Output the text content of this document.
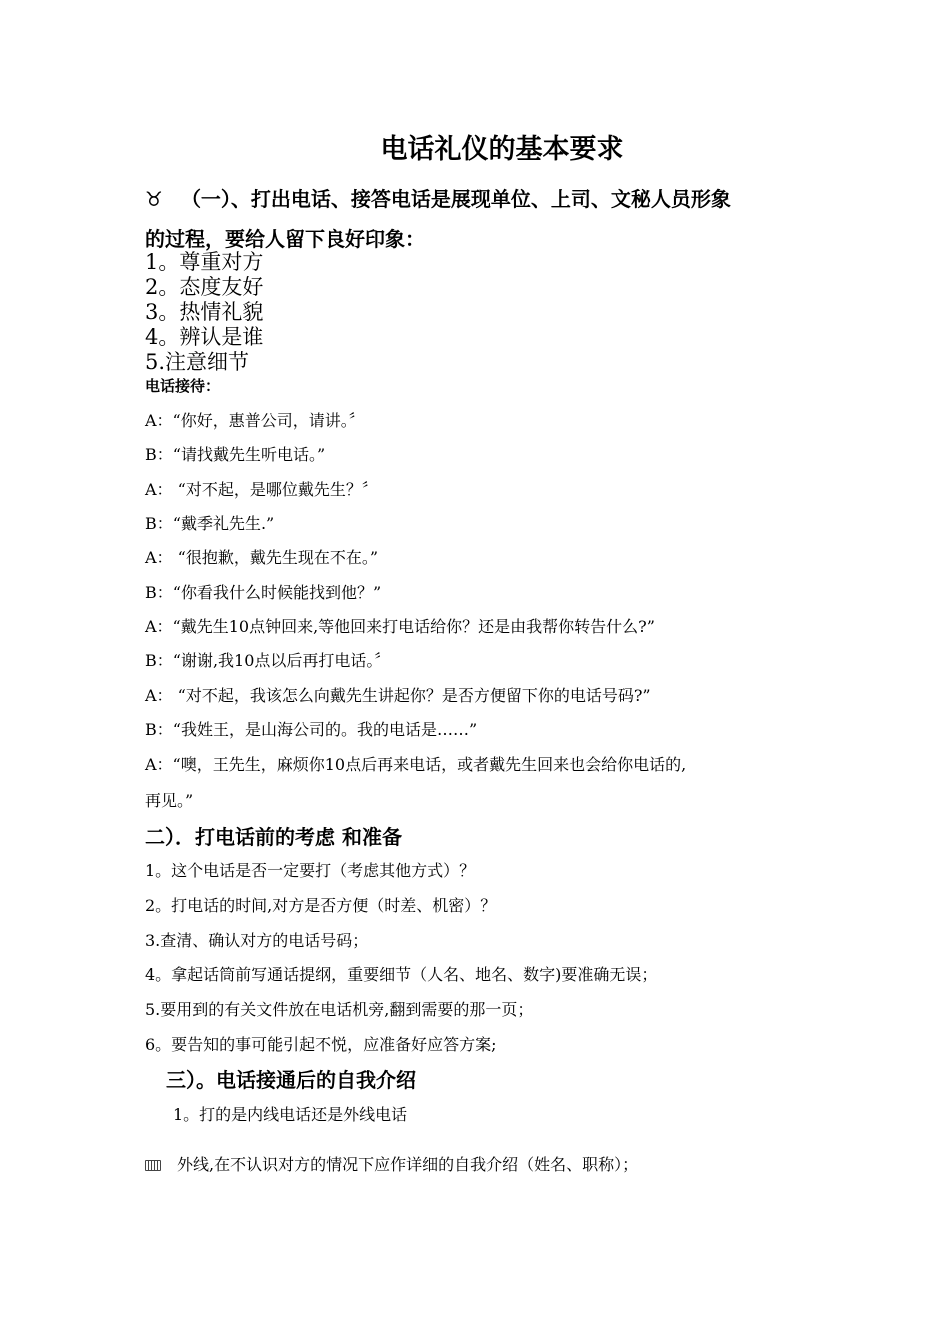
电话礼仪的基本要求
♉ （一）、打出电话、接答电话是展现单位、上司、文秘人员形象
的过程，要给人留下良好印象：
1。尊重对方
2。态度友好
3。热情礼貌
4。辨认是谁
5.注意细节
电话接待：
A：“你好，惠普公司，请讲。〞
B：“请找戴先生听电话。”
A： “对不起，是哪位戴先生？〞
B：“戴季礼先生.”
A： “很抱歉，戴先生现在不在。”
B：“你看我什么时候能找到他？”
A：“戴先生10点钟回来,等他回来打电话给你？还是由我帮你转告什么?”
B：“谢谢,我10点以后再打电话。〞
A： “对不起，我该怎么向戴先生讲起你？是否方便留下你的电话号码?”
B：“我姓王，是山海公司的。我的电话是……”
A：“噢，王先生，麻烦你10点后再来电话，或者戴先生回来也会给你电话的,
再见。”
二）．打电话前的考虑 和准备
1。这个电话是否一定要打（考虑其他方式）？
2。打电话的时间,对方是否方便（时差、机密）？
3.查清、确认对方的电话号码；
4。拿起话筒前写通话提纲，重要细节（人名、地名、数字)要准确无误；
5.要用到的有关文件放在电话机旁,翻到需要的那一页；
6。要告知的事可能引起不悦，应准备好应答方案;
三）。电话接通后的自我介绍
1。打的是内线电话还是外线电话
外线,在不认识对方的情况下应作详细的自我介绍（姓名、职称）；
